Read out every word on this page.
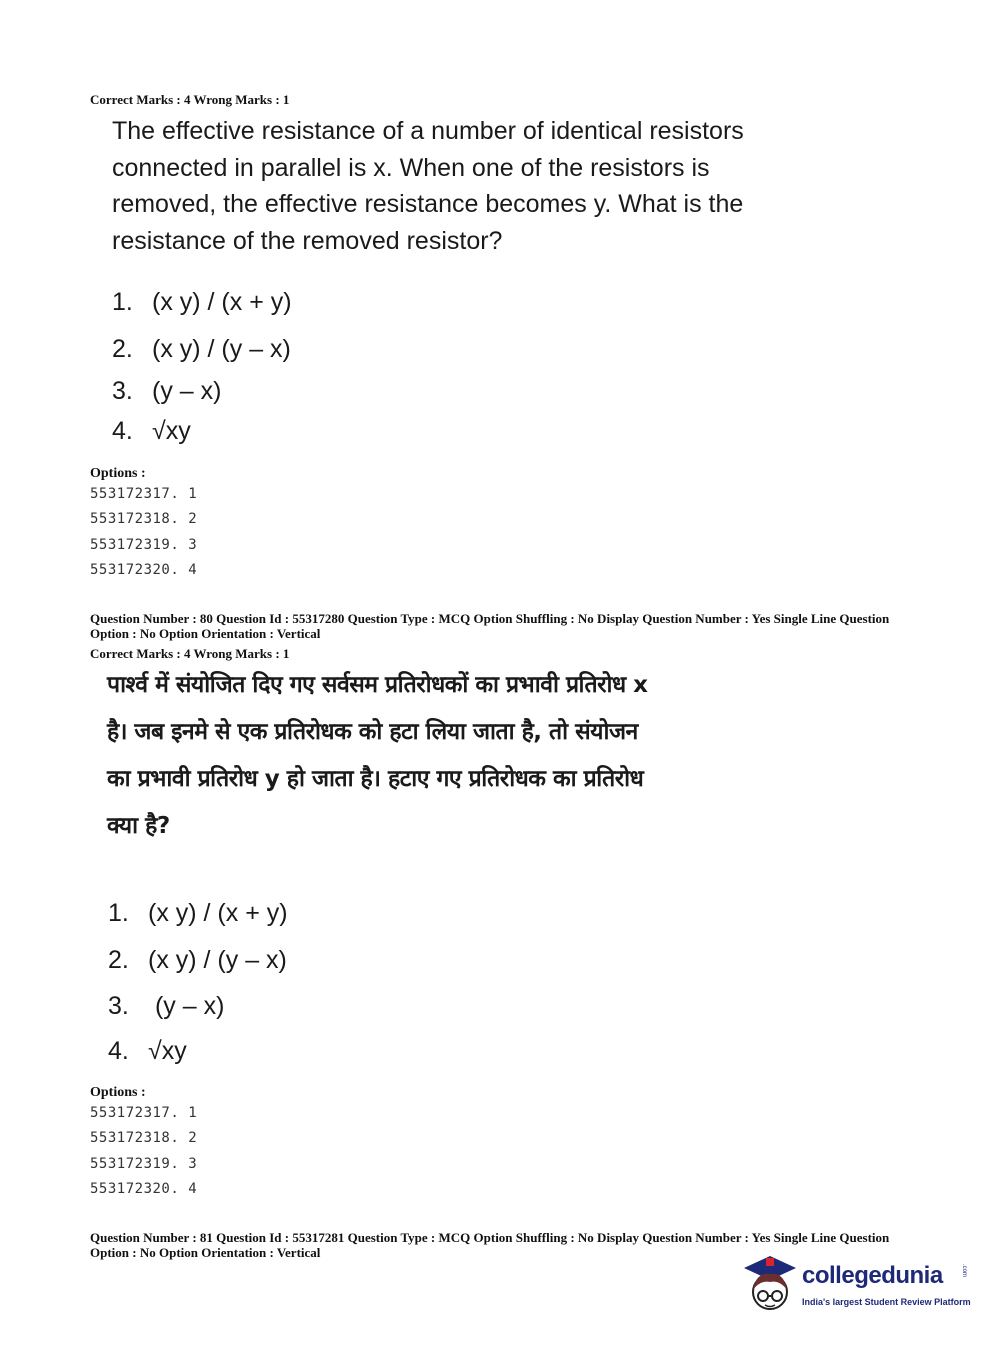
Correct Marks : 4 Wrong Marks : 1
The effective resistance of a number of identical resistors
connected in parallel is x. When one of the resistors is
removed, the effective resistance becomes y. What is the
resistance of the removed resistor?
1. (x y) / (x + y)
2. (x y) / (y – x)
3. (y – x)
4. √xy
Options :
553172317. 1
553172318. 2
553172319. 3
553172320. 4
Question Number : 80 Question Id : 55317280 Question Type : MCQ Option Shuffling : No Display Question Number : Yes Single Line Question Option : No Option Orientation : Vertical
Correct Marks : 4 Wrong Marks : 1
पार्श्व में संयोजित दिए गए सर्वसम प्रतिरोधकों का प्रभावी प्रतिरोध x
है। जब इनमे से एक प्रतिरोधक को हटा लिया जाता है, तो संयोजन
का प्रभावी प्रतिरोध y हो जाता है। हटाए गए प्रतिरोधक का प्रतिरोध
क्या है?
1. (x y) / (x + y)
2. (x y) / (y – x)
3. (y – x)
4. √xy
Options :
553172317. 1
553172318. 2
553172319. 3
553172320. 4
Question Number : 81 Question Id : 55317281 Question Type : MCQ Option Shuffling : No Display Question Number : Yes Single Line Question Option : No Option Orientation : Vertical
collegedunia	.com
India's largest Student Review Platform
